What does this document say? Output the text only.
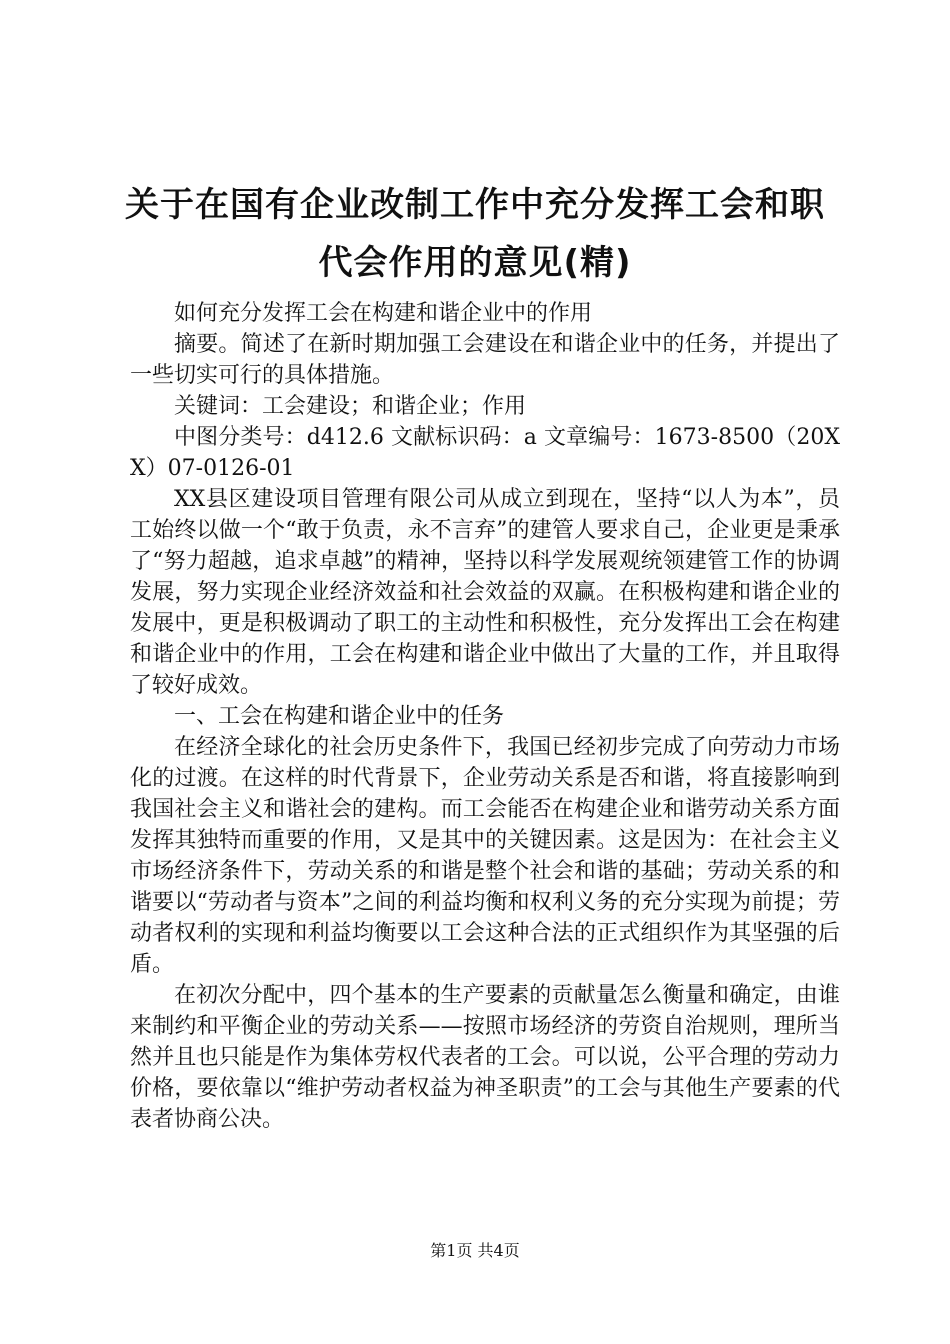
关于在国有企业改制工作中充分发挥工会和职
代会作用的意见(精)

如何充分发挥工会在构建和谐企业中的作用

摘要。简述了在新时期加强工会建设在和谐企业中的任务，并提出了一些切实可行的具体措施。

关键词：工会建设；和谐企业；作用

中图分类号：d412.6 文献标识码：a 文章编号：1673-8500（20XX）07-0126-01

XX县区建设项目管理有限公司从成立到现在，坚持“以人为本”，员工始终以做一个“敢于负责，永不言弃”的建管人要求自己，企业更是秉承了“努力超越，追求卓越”的精神，坚持以科学发展观统领建管工作的协调发展，努力实现企业经济效益和社会效益的双赢。在积极构建和谐企业的发展中，更是积极调动了职工的主动性和积极性，充分发挥出工会在构建和谐企业中的作用，工会在构建和谐企业中做出了大量的工作，并且取得了较好成效。

一、工会在构建和谐企业中的任务

在经济全球化的社会历史条件下，我国已经初步完成了向劳动力市场化的过渡。在这样的时代背景下，企业劳动关系是否和谐，将直接影响到我国社会主义和谐社会的建构。而工会能否在构建企业和谐劳动关系方面发挥其独特而重要的作用，又是其中的关键因素。这是因为：在社会主义市场经济条件下，劳动关系的和谐是整个社会和谐的基础；劳动关系的和谐要以“劳动者与资本”之间的利益均衡和权利义务的充分实现为前提；劳动者权利的实现和利益均衡要以工会这种合法的正式组织作为其坚强的后盾。

在初次分配中，四个基本的生产要素的贡献量怎么衡量和确定，由谁来制约和平衡企业的劳动关系——按照市场经济的劳资自治规则，理所当然并且也只能是作为集体劳权代表者的工会。可以说，公平合理的劳动力价格，要依靠以“维护劳动者权益为神圣职责”的工会与其他生产要素的代表者协商公决。

第1页 共4页
